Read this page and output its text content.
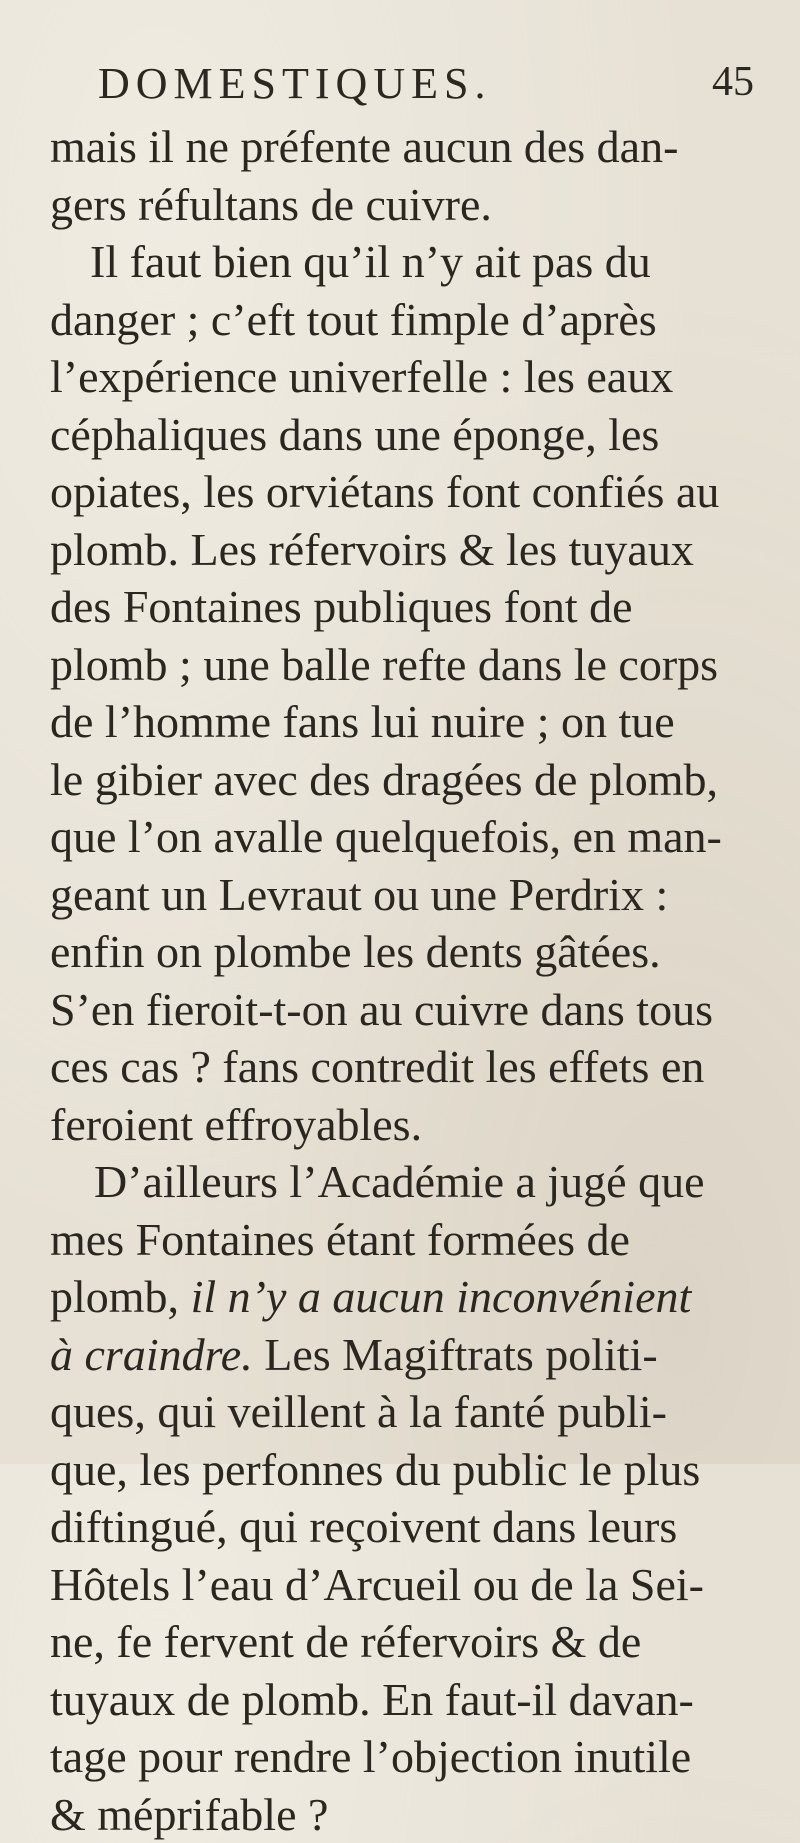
DOMESTIQUES.	45
mais il ne préfente aucun des dan-
gers réfultans de cuivre.
Il faut bien qu’il n’y ait pas du
danger ; c’eft tout fimple d’après
l’expérience univerfelle : les eaux
céphaliques dans une éponge, les
opiates, les orviétans font confiés au
plomb. Les réfervoirs & les tuyaux
des Fontaines publiques font de
plomb ; une balle refte dans le corps
de l’homme fans lui nuire ; on tue
le gibier avec des dragées de plomb,
que l’on avalle quelquefois, en man-
geant un Levraut ou une Perdrix :
enfin on plombe les dents gâtées.
S’en fieroit-t-on au cuivre dans tous
ces cas ? fans contredit les effets en
feroient effroyables.
D’ailleurs l’Académie a jugé que
mes Fontaines étant formées de
plomb, il n’y a aucun inconvénient
à craindre. Les Magiftrats politi-
ques, qui veillent à la fanté publi-
que, les perfonnes du public le plus
diftingué, qui reçoivent dans leurs
Hôtels l’eau d’Arcueil ou de la Sei-
ne, fe fervent de réfervoirs & de
tuyaux de plomb. En faut-il davan-
tage pour rendre l’objection inutile
& méprifable ?
